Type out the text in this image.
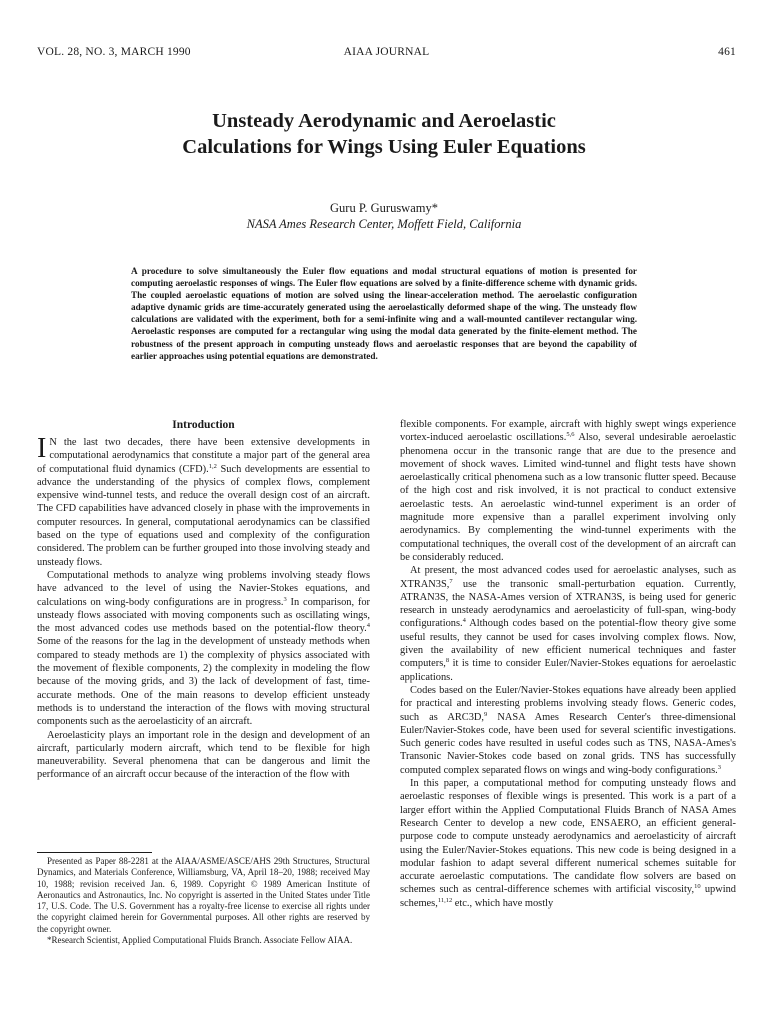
VOL. 28, NO. 3, MARCH 1990	AIAA JOURNAL	461
Unsteady Aerodynamic and Aeroelastic
Calculations for Wings Using Euler Equations
Guru P. Guruswamy*
NASA Ames Research Center, Moffett Field, California
A procedure to solve simultaneously the Euler flow equations and modal structural equations of motion is presented for computing aeroelastic responses of wings. The Euler flow equations are solved by a finite-difference scheme with dynamic grids. The coupled aeroelastic equations of motion are solved using the linear-acceleration method. The aeroelastic configuration adaptive dynamic grids are time-accurately generated using the aeroelastically deformed shape of the wing. The unsteady flow calculations are validated with the experiment, both for a semi-infinite wing and a wall-mounted cantilever rectangular wing. Aeroelastic responses are computed for a rectangular wing using the modal data generated by the finite-element method. The robustness of the present approach in computing unsteady flows and aeroelastic responses that are beyond the capability of earlier approaches using potential equations are demonstrated.
Introduction

I N the last two decades, there have been extensive developments in computational aerodynamics that constitute a major part of the general area of computational fluid dynamics (CFD).$^{1,2}$ Such developments are essential to advance the understanding of the physics of complex flows, complement expensive wind-tunnel tests, and reduce the overall design cost of an aircraft. The CFD capabilities have advanced closely in phase with the improvements in computer resources. In general, computational aerodynamics can be classified based on the type of equations used and complexity of the configuration considered. The problem can be further grouped into those involving steady and unsteady flows.

Computational methods to analyze wing problems involving steady flows have advanced to the level of using the Navier-Stokes equations, and calculations on wing-body configurations are in progress.$^3$ In comparison, for unsteady flows associated with moving components such as oscillating wings, the most advanced codes use methods based on the potential-flow theory.$^4$ Some of the reasons for the lag in the development of unsteady methods when compared to steady methods are 1) the complexity of physics associated with the movement of flexible components, 2) the complexity in modeling the flow because of the moving grids, and 3) the lack of development of fast, time-accurate methods. One of the main reasons to develop efficient unsteady methods is to understand the interaction of the flows with moving structural components such as the aeroelasticity of an aircraft.

Aeroelasticity plays an important role in the design and development of an aircraft, particularly modern aircraft, which tend to be flexible for high maneuverability. Several phenomena that can be dangerous and limit the performance of an aircraft occur because of the interaction of the flow with

Presented as Paper 88-2281 at the AIAA/ASME/ASCE/AHS 29th Structures, Structural Dynamics, and Materials Conference, Williamsburg, VA, April 18–20, 1988; received May 10, 1988; revision received Jan. 6, 1989. Copyright © 1989 American Institute of Aeronautics and Astronautics, Inc. No copyright is asserted in the United States under Title 17, U.S. Code. The U.S. Government has a royalty-free license to exercise all rights under the copyright claimed herein for Governmental purposes. All other rights are reserved by the copyright owner.

*Research Scientist, Applied Computational Fluids Branch. Associate Fellow AIAA.

flexible components. For example, aircraft with highly swept wings experience vortex-induced aeroelastic oscillations.$^{5,6}$ Also, several undesirable aeroelastic phenomena occur in the transonic range that are due to the presence and movement of shock waves. Limited wind-tunnel and flight tests have shown aeroelastically critical phenomena such as a low transonic flutter speed. Because of the high cost and risk involved, it is not practical to conduct extensive aeroelastic tests. An aeroelastic wind-tunnel experiment is an order of magnitude more expensive than a parallel experiment involving only aerodynamics. By complementing the wind-tunnel experiments with the computational techniques, the overall cost of the development of an aircraft can be considerably reduced.

At present, the most advanced codes used for aeroelastic analyses, such as XTRAN3S,$^7$ use the transonic small-perturbation equation. Currently, ATRAN3S, the NASA-Ames version of XTRAN3S, is being used for generic research in unsteady aerodynamics and aeroelasticity of full-span, wing-body configurations.$^4$ Although codes based on the potential-flow theory give some useful results, they cannot be used for cases involving complex flows. Now, given the availability of new efficient numerical techniques and faster computers,$^8$ it is time to consider Euler/Navier-Stokes equations for aeroelastic applications.

Codes based on the Euler/Navier-Stokes equations have already been applied for practical and interesting problems involving steady flows. Generic codes, such as ARC3D,$^9$ NASA Ames Research Center's three-dimensional Euler/Navier-Stokes code, have been used for several scientific investigations. Such generic codes have resulted in useful codes such as TNS, NASA-Ames's Transonic Navier-Stokes code based on zonal grids. TNS has successfully computed complex separated flows on wings and wing-body configurations.$^3$

In this paper, a computational method for computing unsteady flows and aeroelastic responses of flexible wings is presented. This work is a part of a larger effort within the Applied Computational Fluids Branch of NASA Ames Research Center to develop a new code, ENSAERO, an efficient general-purpose code to compute unsteady aerodynamics and aeroelasticity of aircraft using the Euler/Navier-Stokes equations. This new code is being designed in a modular fashion to adapt several different numerical schemes suitable for accurate aeroelastic computations. The candidate flow solvers are based on schemes such as central-difference schemes with artificial viscosity,$^{10}$ upwind schemes,$^{11,12}$ etc., which have mostly
